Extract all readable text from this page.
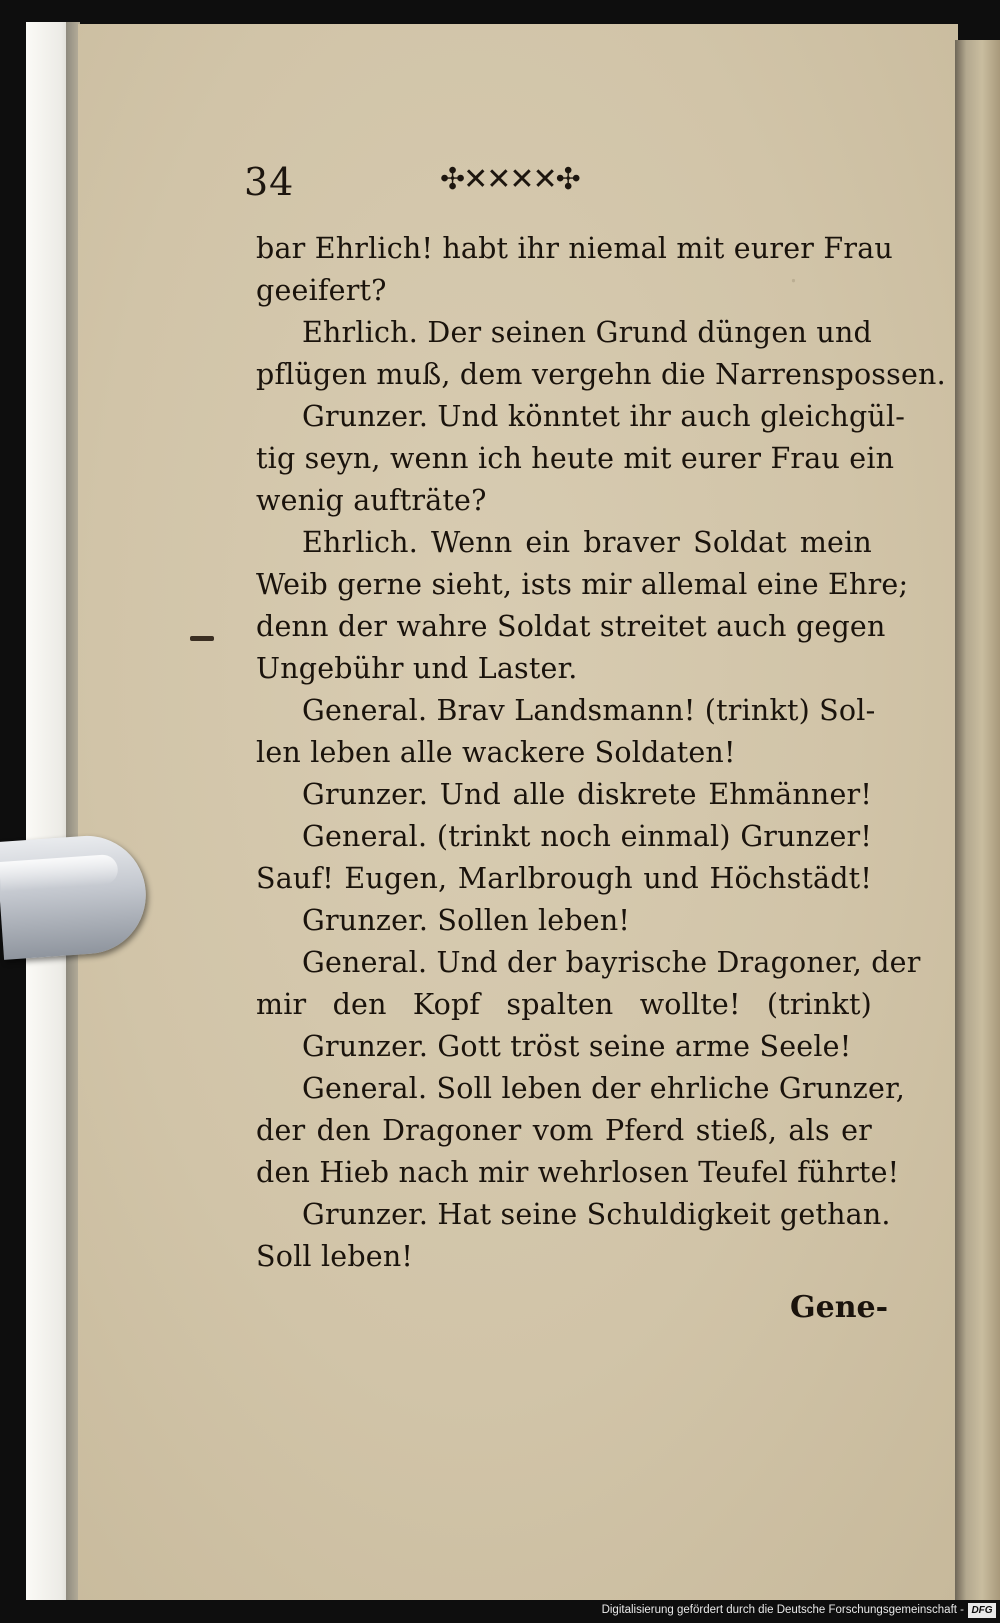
⸱
34	✣✕✕✕✕✣
bar Ehrlich! habt ihr niemal mit eurer Frau
geeifert?
Ehrlich. Der seinen Grund düngen und
pflügen muß, dem vergehn die Narrenspossen.
Grunzer. Und könntet ihr auch gleichgül-
tig seyn, wenn ich heute mit eurer Frau ein
wenig aufträte?
Ehrlich. Wenn ein braver Soldat mein
Weib gerne sieht, ists mir allemal eine Ehre;
denn der wahre Soldat streitet auch gegen
Ungebühr und Laster.
General. Brav Landsmann! (trinkt) Sol-
len leben alle wackere Soldaten!
Grunzer. Und alle diskrete Ehmänner!
General. (trinkt noch einmal) Grunzer!
Sauf! Eugen, Marlbrough und Höchstädt!
Grunzer. Sollen leben!
General. Und der bayrische Dragoner, der
mir den Kopf spalten wollte! (trinkt)
Grunzer. Gott tröst seine arme Seele!
General. Soll leben der ehrliche Grunzer,
der den Dragoner vom Pferd stieß, als er
den Hieb nach mir wehrlosen Teufel führte!
Grunzer. Hat seine Schuldigkeit gethan.
Soll leben!
Gene-
Digitalisierung gefördert durch die Deutsche Forschungsgemeinschaft - DFG
